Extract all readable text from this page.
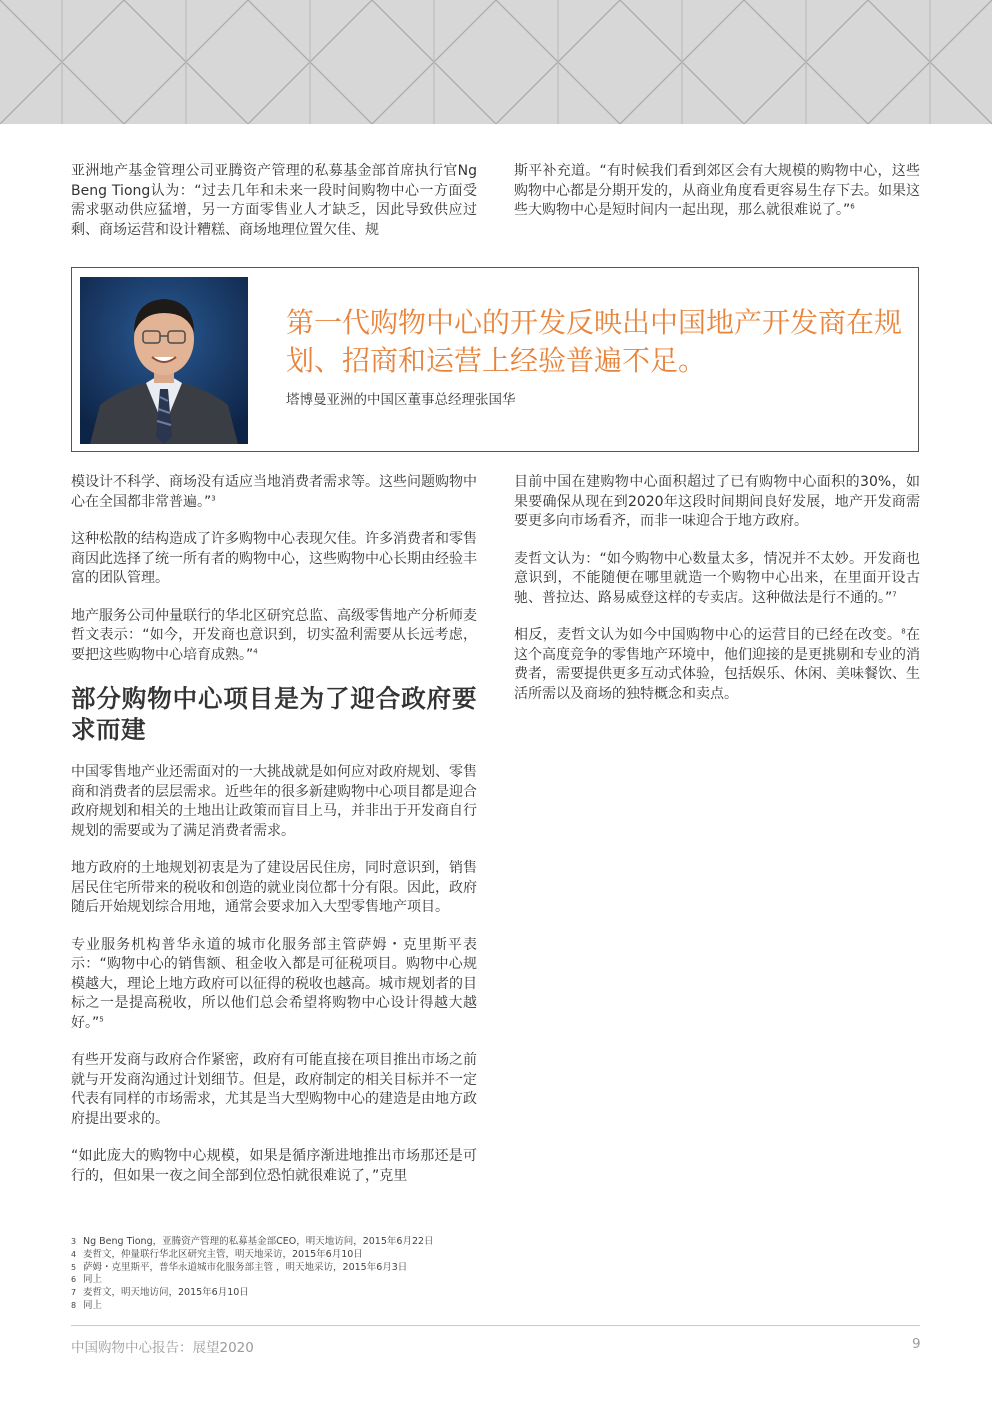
亚洲地产基金管理公司亚腾资产管理的私募基金部首席执行官Ng Beng Tiong认为：“过去几年和未来一段时间购物中心一方面受需求驱动供应猛增，另一方面零售业人才缺乏，因此导致供应过剩、商场运营和设计糟糕、商场地理位置欠佳、规

斯平补充道。“有时候我们看到郊区会有大规模的购物中心，这些购物中心都是分期开发的，从商业角度看更容易生存下去。如果这些大购物中心是短时间内一起出现，那么就很难说了。”$^6$

第一代购物中心的开发反映出中国地产开发商在规划、招商和运营上经验普遍不足。
塔博曼亚洲的中国区董事总经理张国华

模设计不科学、商场没有适应当地消费者需求等。这些问题购物中心在全国都非常普遍。”$^3$

这种松散的结构造成了许多购物中心表现欠佳。许多消费者和零售商因此选择了统一所有者的购物中心，这些购物中心长期由经验丰富的团队管理。

地产服务公司仲量联行的华北区研究总监、高级零售地产分析师麦哲文表示：“如今，开发商也意识到，切实盈利需要从长远考虑，要把这些购物中心培育成熟。”$^4$

部分购物中心项目是为了迎合政府要求而建

中国零售地产业还需面对的一大挑战就是如何应对政府规划、零售商和消费者的层层需求。近些年的很多新建购物中心项目都是迎合政府规划和相关的土地出让政策而盲目上马，并非出于开发商自行规划的需要或为了满足消费者需求。

地方政府的土地规划初衷是为了建设居民住房，同时意识到，销售居民住宅所带来的税收和创造的就业岗位都十分有限。因此，政府随后开始规划综合用地，通常会要求加入大型零售地产项目。

专业服务机构普华永道的城市化服务部主管萨姆・克里斯平表示：“购物中心的销售额、租金收入都是可征税项目。购物中心规模越大，理论上地方政府可以征得的税收也越高。城市规划者的目标之一是提高税收，所以他们总会希望将购物中心设计得越大越好。”$^5$

有些开发商与政府合作紧密，政府有可能直接在项目推出市场之前就与开发商沟通过计划细节。但是，政府制定的相关目标并不一定代表有同样的市场需求，尤其是当大型购物中心的建造是由地方政府提出要求的。

“如此庞大的购物中心规模，如果是循序渐进地推出市场那还是可行的，但如果一夜之间全部到位恐怕就很难说了，”克里

目前中国在建购物中心面积超过了已有购物中心面积的30%，如果要确保从现在到2020年这段时间期间良好发展，地产开发商需要更多向市场看齐，而非一味迎合于地方政府。

麦哲文认为：“如今购物中心数量太多，情况并不太妙。开发商也意识到，不能随便在哪里就造一个购物中心出来，在里面开设古驰、普拉达、路易威登这样的专卖店。这种做法是行不通的。”$^7$

相反，麦哲文认为如今中国购物中心的运营目的已经在改变。$^8$在这个高度竞争的零售地产环境中，他们迎接的是更挑剔和专业的消费者，需要提供更多互动式体验，包括娱乐、休闲、美味餐饮、生活所需以及商场的独特概念和卖点。

3 Ng Beng Tiong，亚腾资产管理的私募基金部CEO，明天地访问，2015年6月22日
4 麦哲文，仲量联行华北区研究主管，明天地采访，2015年6月10日
5 萨姆・克里斯平，普华永道城市化服务部主管 ，明天地采访，2015年6月3日
6 同上
7 麦哲文，明天地访问，2015年6月10日
8 同上
中国购物中心报告：展望2020	9
